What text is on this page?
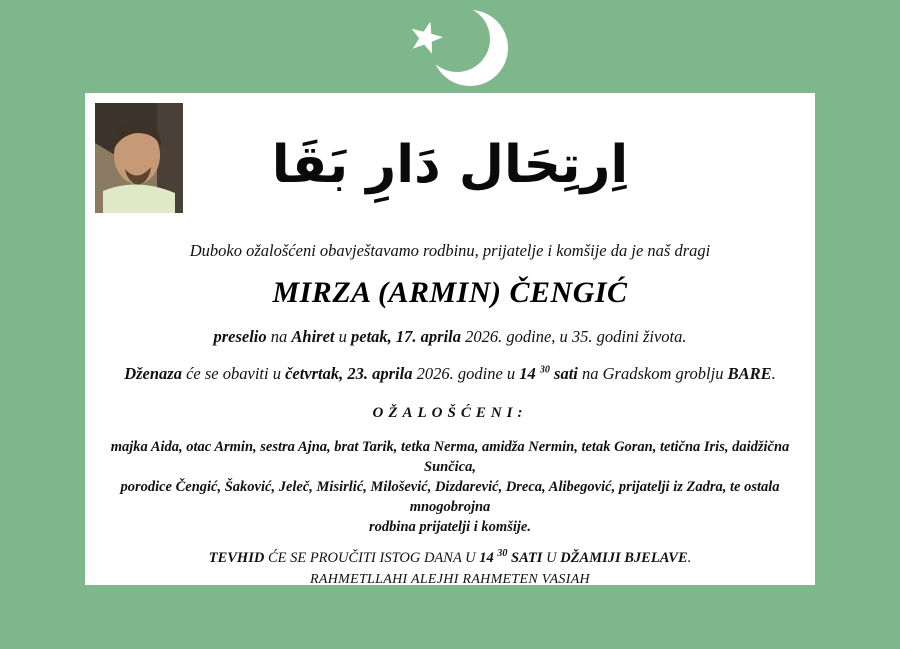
اِرتِحَال دَارِ بَقَا
Duboko ožalošćeni obavještavamo rodbinu, prijatelje i komšije da je naš dragi
MIRZA (ARMIN) ČENGIĆ
preselio na Ahiret u petak, 17. aprila 2026. godine, u 35. godini života.
Dženaza će se obaviti u četvrtak, 23. aprila 2026. godine u 14 $^{30}$ sati na Gradskom groblju BARE.
OŽALOŠĆENI:
majka Aida, otac Armin, sestra Ajna, brat Tarik, tetka Nerma, amidža Nermin, tetak Goran, tetična Iris, daidžična Sunčica,
porodice Čengić, Šaković, Jeleč, Misirlić, Milošević, Dizdarević, Dreca, Alibegović, prijatelji iz Zadra, te ostala mnogobrojna
rodbina prijatelji i komšije.
TEVHID ĆE SE PROUČITI ISTOG DANA U 14 $^{30}$ SATI U DŽAMIJI BJELAVE.
RAHMETLLAHI ALEJHI RAHMETEN VASIAH
